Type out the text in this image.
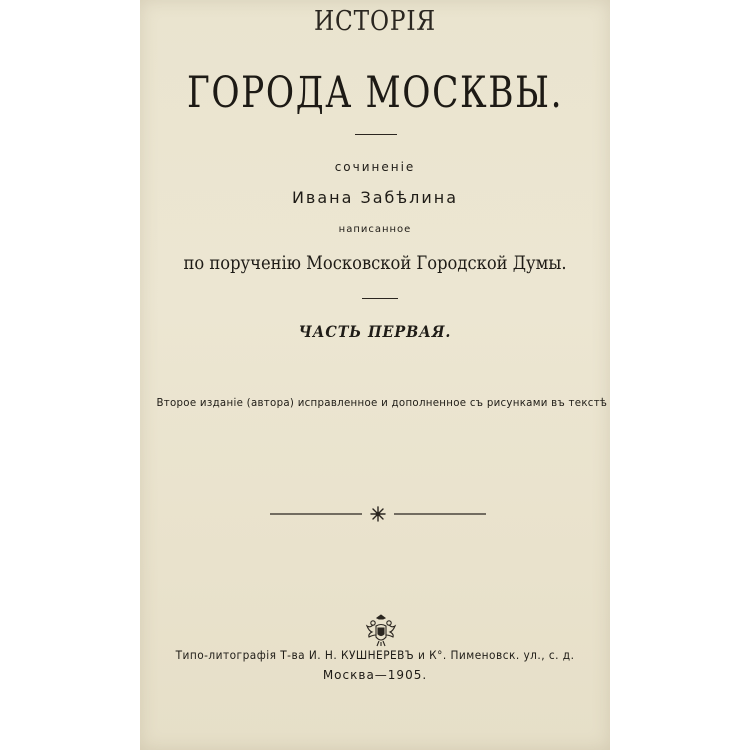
ИСТОРІЯ
ГОРОДА МОСКВЫ.
сочиненіе
Ивана Забѣлина
написанное
по порученію Московской Городской Думы.
ЧАСТЬ ПЕРВАЯ.
Второе изданіе (автора) исправленное и дополненное съ рисунками въ текстѣ
Типо-литографія Т-ва И. Н. КУШНЕРЕВЪ и К°. Пименовск. ул., с. д.
Москва—1905.
